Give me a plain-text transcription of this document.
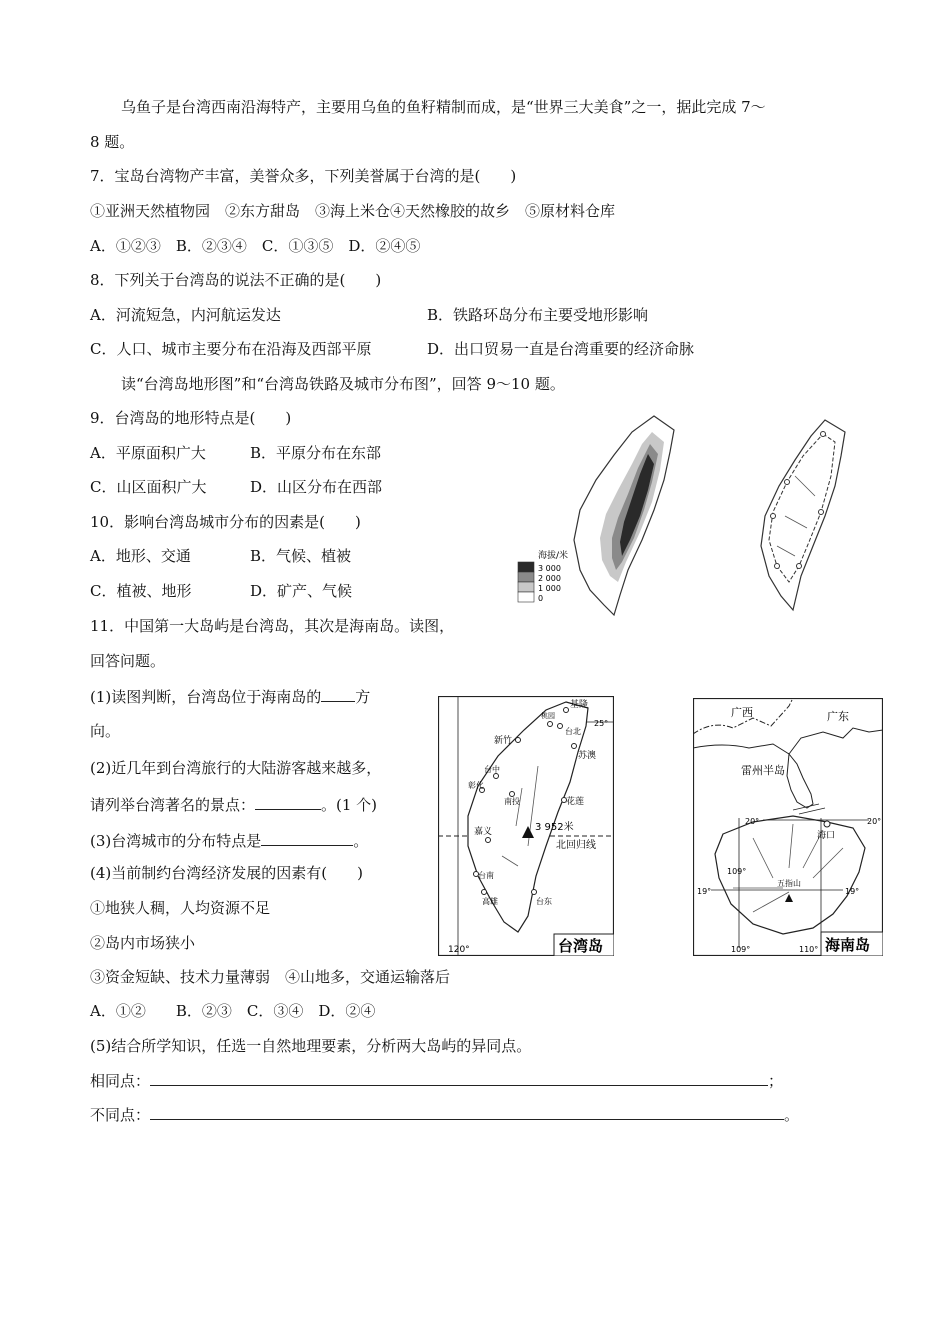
乌鱼子是台湾西南沿海特产，主要用乌鱼的鱼籽精制而成，是“世界三大美食”之一，据此完成 7～
8 题。
7．宝岛台湾物产丰富，美誉众多，下列美誉属于台湾的是(　　)
①亚洲天然植物园　②东方甜岛　③海上米仓④天然橡胶的故乡　⑤原材料仓库
A．①②③　B．②③④　C．①③⑤　D．②④⑤
8．下列关于台湾岛的说法不正确的是(　　)
A．河流短急，内河航运发达	B．铁路环岛分布主要受地形影响
C．人口、城市主要分布在沿海及西部平原	D．出口贸易一直是台湾重要的经济命脉
读“台湾岛地形图”和“台湾岛铁路及城市分布图”，回答 9～10 题。
9．台湾岛的地形特点是(　　)
A．平原面积广大	B．平原分布在东部
C．山区面积广大	D．山区分布在西部
10．影响台湾岛城市分布的因素是(　　)
A．地形、交通	B．气候、植被
C．植被、地形	D．矿产、气候
11．中国第一大岛屿是台湾岛，其次是海南岛。读图，
回答问题。
(1)读图判断，台湾岛位于海南岛的 方
向。
(2)近几年到台湾旅行的大陆游客越来越多，
请列举台湾著名的景点：	。(1 个)
(3)台湾城市的分布特点是	。
(4)当前制约台湾经济发展的因素有(　　)
①地狭人稠，人均资源不足
②岛内市场狭小
③资金短缺、技术力量薄弱　④山地多，交通运输落后
A．①②　　B．②③　C．③④　D．②④
(5)结合所学知识，任选一自然地理要素，分析两大岛屿的异同点。
相同点：	；
不同点：	。
海拔/米
3 000
2 000
1 000
0
基隆
台北
桃园
新竹
苏澳
台中
彰化
南投	花莲
嘉义
台南
高雄	台东
3 952米
北回归线
25°
120°	台湾岛
广西	广东
雷州半岛
海口
五指山
20°	20°
19°	19°
109°
109°	110° 海南岛
